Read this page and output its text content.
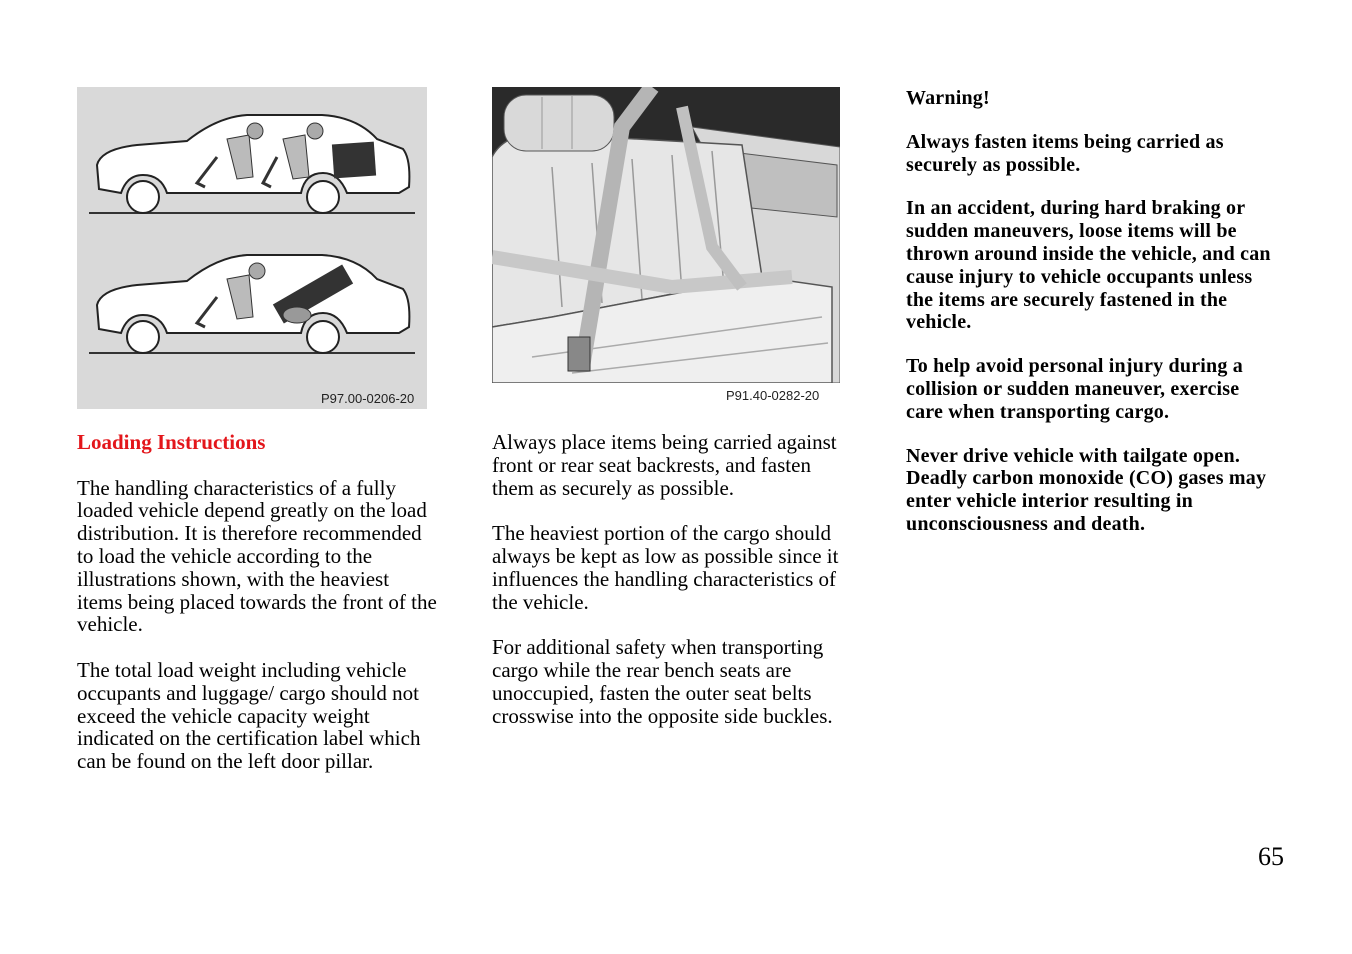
P97.00-0206-20	P91.40-0282-20
Loading Instructions

The handling characteristics of a fully loaded vehicle depend greatly on the load distribution. It is therefore recommended to load the vehicle according to the illustrations shown, with the heaviest items being placed towards the front of the vehicle.

The total load weight including vehicle occupants and luggage/ cargo should not exceed the vehicle capacity weight indicated on the certification label which can be found on the left door pillar.

Always place items being carried against front or rear seat backrests, and fasten them as securely as possible.

The heaviest portion of the cargo should always be kept as low as possible since it influences the handling characteristics of the vehicle.

For additional safety when transporting cargo while the rear bench seats are unoccupied, fasten the outer seat belts crosswise into the opposite side buckles.

Warning!

Always fasten items being carried as securely as possible.

In an accident, during hard braking or sudden maneuvers, loose items will be thrown around inside the vehicle, and can cause injury to vehicle occupants unless the items are securely fastened in the vehicle.

To help avoid personal injury during a collision or sudden maneuver, exercise care when transporting cargo.

Never drive vehicle with tailgate open. Deadly carbon monoxide (CO) gases may enter vehicle interior resulting in unconsciousness and death.

65
